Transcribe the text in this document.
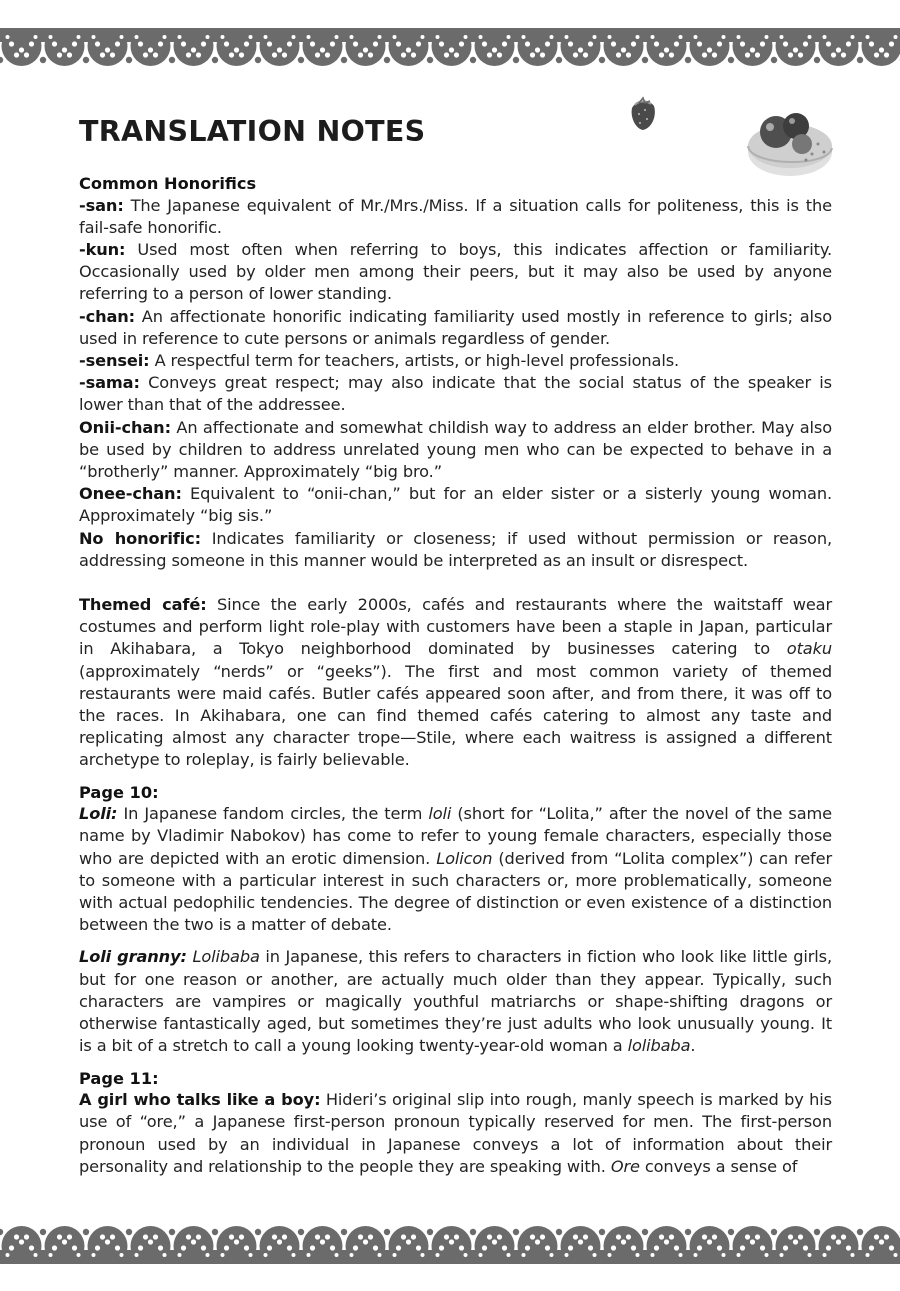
TRANSLATION NOTES
Common Honorifics

-san: The Japanese equivalent of Mr./Mrs./Miss. If a situation calls for politeness, this is the fail-safe honorific.

-kun: Used most often when referring to boys, this indicates affection or familiarity. Occasionally used by older men among their peers, but it may also be used by anyone referring to a person of lower standing.

-chan: An affectionate honorific indicating familiarity used mostly in reference to girls; also used in reference to cute persons or animals regardless of gender.

-sensei: A respectful term for teachers, artists, or high-level professionals.

-sama: Conveys great respect; may also indicate that the social status of the speaker is lower than that of the addressee.

Onii-chan: An affectionate and somewhat childish way to address an elder brother. May also be used by children to address unrelated young men who can be expected to behave in a “brotherly” manner. Approximately “big bro.”

Onee-chan: Equivalent to “onii-chan,” but for an elder sister or a sisterly young woman. Approximately “big sis.”

No honorific: Indicates familiarity or closeness; if used without permission or reason, addressing someone in this manner would be interpreted as an insult or disrespect.

Themed café: Since the early 2000s, cafés and restaurants where the waitstaff wear costumes and perform light role-play with customers have been a staple in Japan, particular in Akihabara, a Tokyo neighborhood dominated by businesses catering to otaku (approximately “nerds” or “geeks”). The first and most common variety of themed restaurants were maid cafés. Butler cafés appeared soon after, and from there, it was off to the races. In Akihabara, one can find themed cafés catering to almost any taste and replicating almost any character trope—Stile, where each waitress is assigned a different archetype to roleplay, is fairly believable.

Page 10:

Loli: In Japanese fandom circles, the term loli (short for “Lolita,” after the novel of the same name by Vladimir Nabokov) has come to refer to young female characters, especially those who are depicted with an erotic dimension. Lolicon (derived from “Lolita complex”) can refer to someone with a particular interest in such characters or, more problematically, someone with actual pedophilic tendencies. The degree of distinction or even existence of a distinction between the two is a matter of debate.

Loli granny: Lolibaba in Japanese, this refers to characters in fiction who look like little girls, but for one reason or another, are actually much older than they appear. Typically, such characters are vampires or magically youthful matriarchs or shape-shifting dragons or otherwise fantastically aged, but sometimes they’re just adults who look unusually young. It is a bit of a stretch to call a young looking twenty-year-old woman a lolibaba.

Page 11:

A girl who talks like a boy: Hideri’s original slip into rough, manly speech is marked by his use of “ore,” a Japanese first-person pronoun typically reserved for men. The first-person pronoun used by an individual in Japanese conveys a lot of information about their personality and relationship to the people they are speaking with. Ore conveys a sense of
